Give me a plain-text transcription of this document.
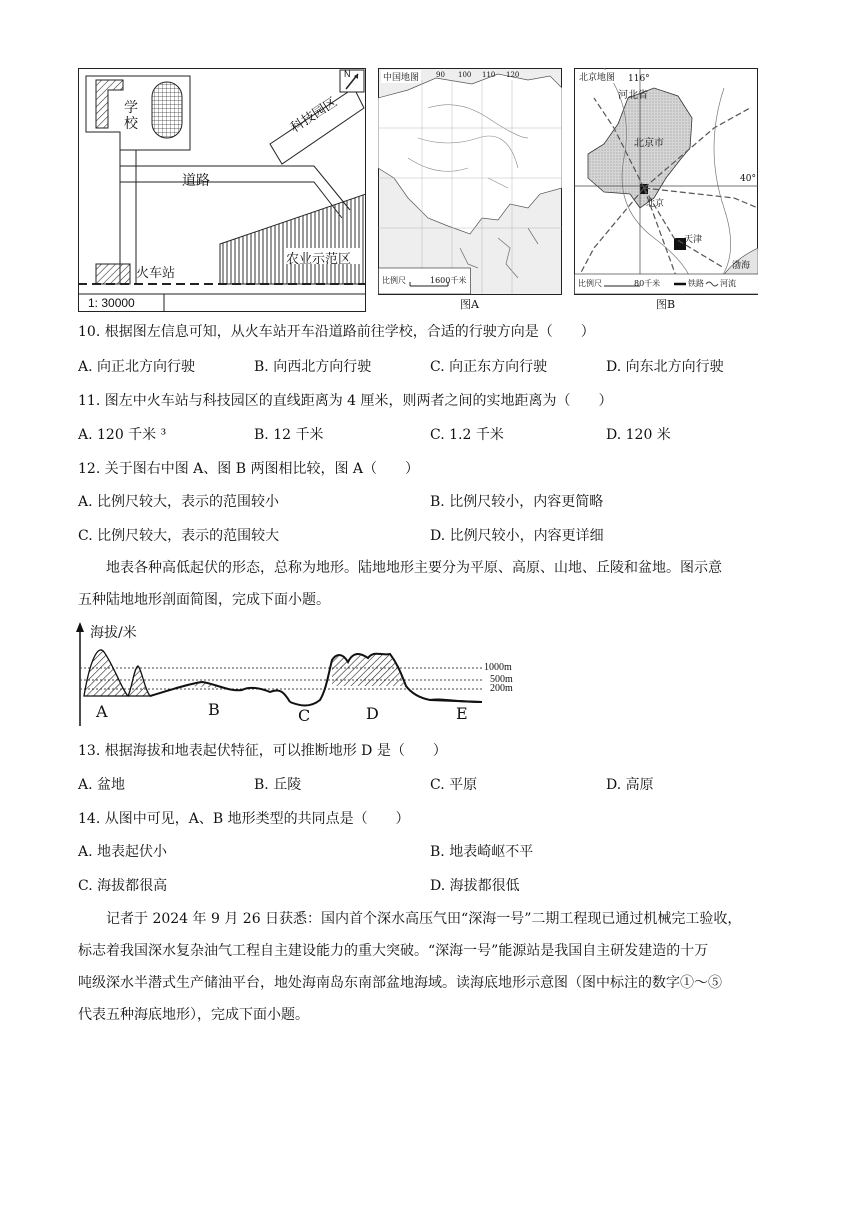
学校
道路
科技园区
火车站
农业示范区
1: 30000
N	中国地图 90 100 110 120
比例尺	1600千米
图A
北京地图 116°
40°
河北省
北京市
北京
天津
渤海
比例尺	80千米	铁路 河流
图B
10. 根据图左信息可知，从火车站开车沿道路前往学校，合适的行驶方向是（　　）
A. 向正北方向行驶	B. 向西北方向行驶	C. 向正东方向行驶	D. 向东北方向行驶
11. 图左中火车站与科技园区的直线距离为 4 厘米，则两者之间的实地距离为（　　）
A. 120 千米 ³	B. 12 千米	C. 1.2 千米	D. 120 米
12. 关于图右中图 A、图 B 两图相比较，图 A（　　）
A. 比例尺较大，表示的范围较小	B. 比例尺较小，内容更简略
C. 比例尺较大，表示的范围较大	D. 比例尺较小，内容更详细

地表各种高低起伏的形态，总称为地形。陆地地形主要分为平原、高原、山地、丘陵和盆地。图示意

五种陆地地形剖面简图，完成下面小题。

海拔/米
1000m
500m
200m
A	B	C	D	E
13. 根据海拔和地表起伏特征，可以推断地形 D 是（　　）
A. 盆地	B. 丘陵	C. 平原	D. 高原
14. 从图中可见，A、B 地形类型的共同点是（　　）
A. 地表起伏小	B. 地表崎岖不平
C. 海拔都很高	D. 海拔都很低

记者于 2024 年 9 月 26 日获悉：国内首个深水高压气田“深海一号”二期工程现已通过机械完工验收，

标志着我国深水复杂油气工程自主建设能力的重大突破。“深海一号”能源站是我国自主研发建造的十万

吨级深水半潜式生产储油平台，地处海南岛东南部盆地海域。读海底地形示意图（图中标注的数字①～⑤

代表五种海底地形），完成下面小题。
